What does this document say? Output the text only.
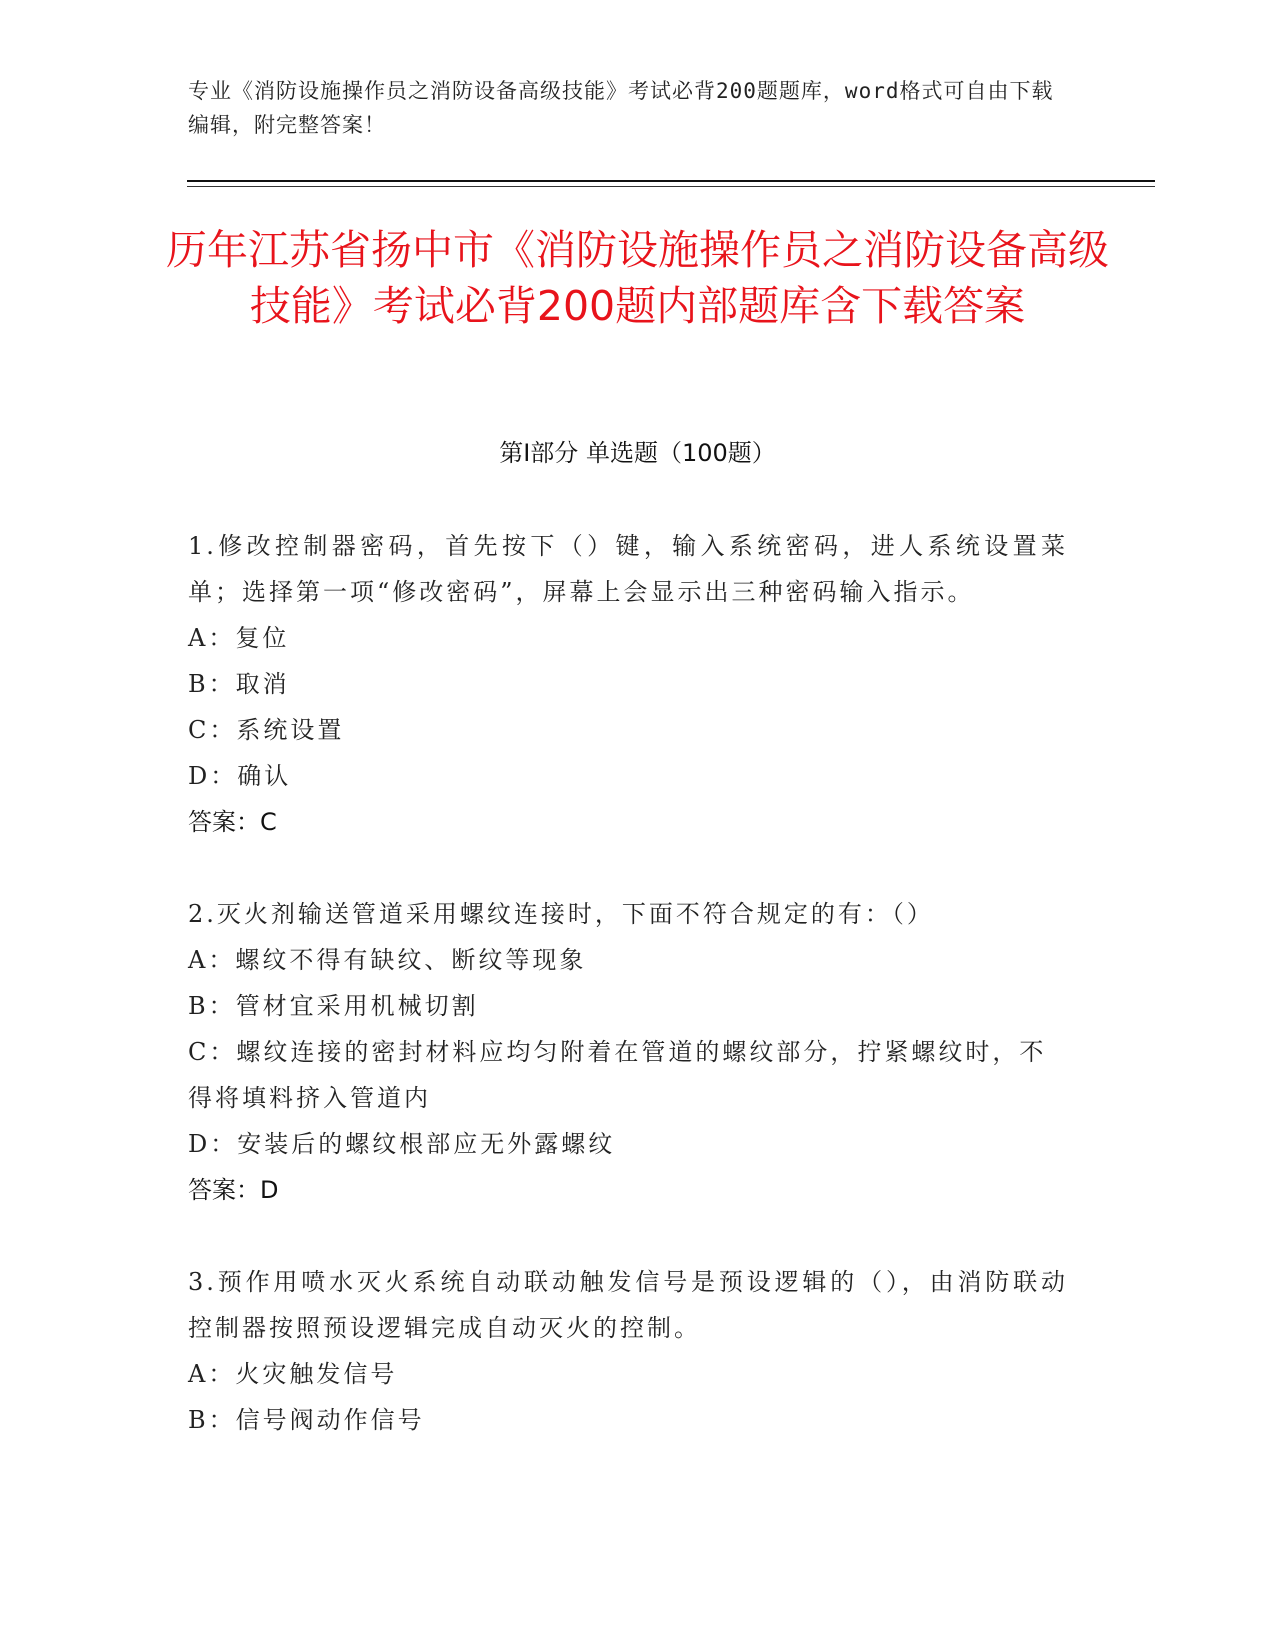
专业《消防设施操作员之消防设备高级技能》考试必背200题题库，word格式可自由下载编辑，附完整答案！
历年江苏省扬中市《消防设施操作员之消防设备高级技能》考试必背200题内部题库含下载答案
第Ⅰ部分 单选题（100题）

1.修改控制器密码，首先按下（）键，输入系统密码，进人系统设置菜单；选择第一项“修改密码”，屏幕上会显示出三种密码输入指示。

A：复位

B：取消

C：系统设置

D：确认

答案：C

2.灭火剂输送管道采用螺纹连接时，下面不符合规定的有：（）

A：螺纹不得有缺纹、断纹等现象

B：管材宜采用机械切割

C：螺纹连接的密封材料应均匀附着在管道的螺纹部分，拧紧螺纹时，不得将填料挤入管道内

D：安装后的螺纹根部应无外露螺纹

答案：D

3.预作用喷水灭火系统自动联动触发信号是预设逻辑的（），由消防联动控制器按照预设逻辑完成自动灭火的控制。

A：火灾触发信号

B：信号阀动作信号
